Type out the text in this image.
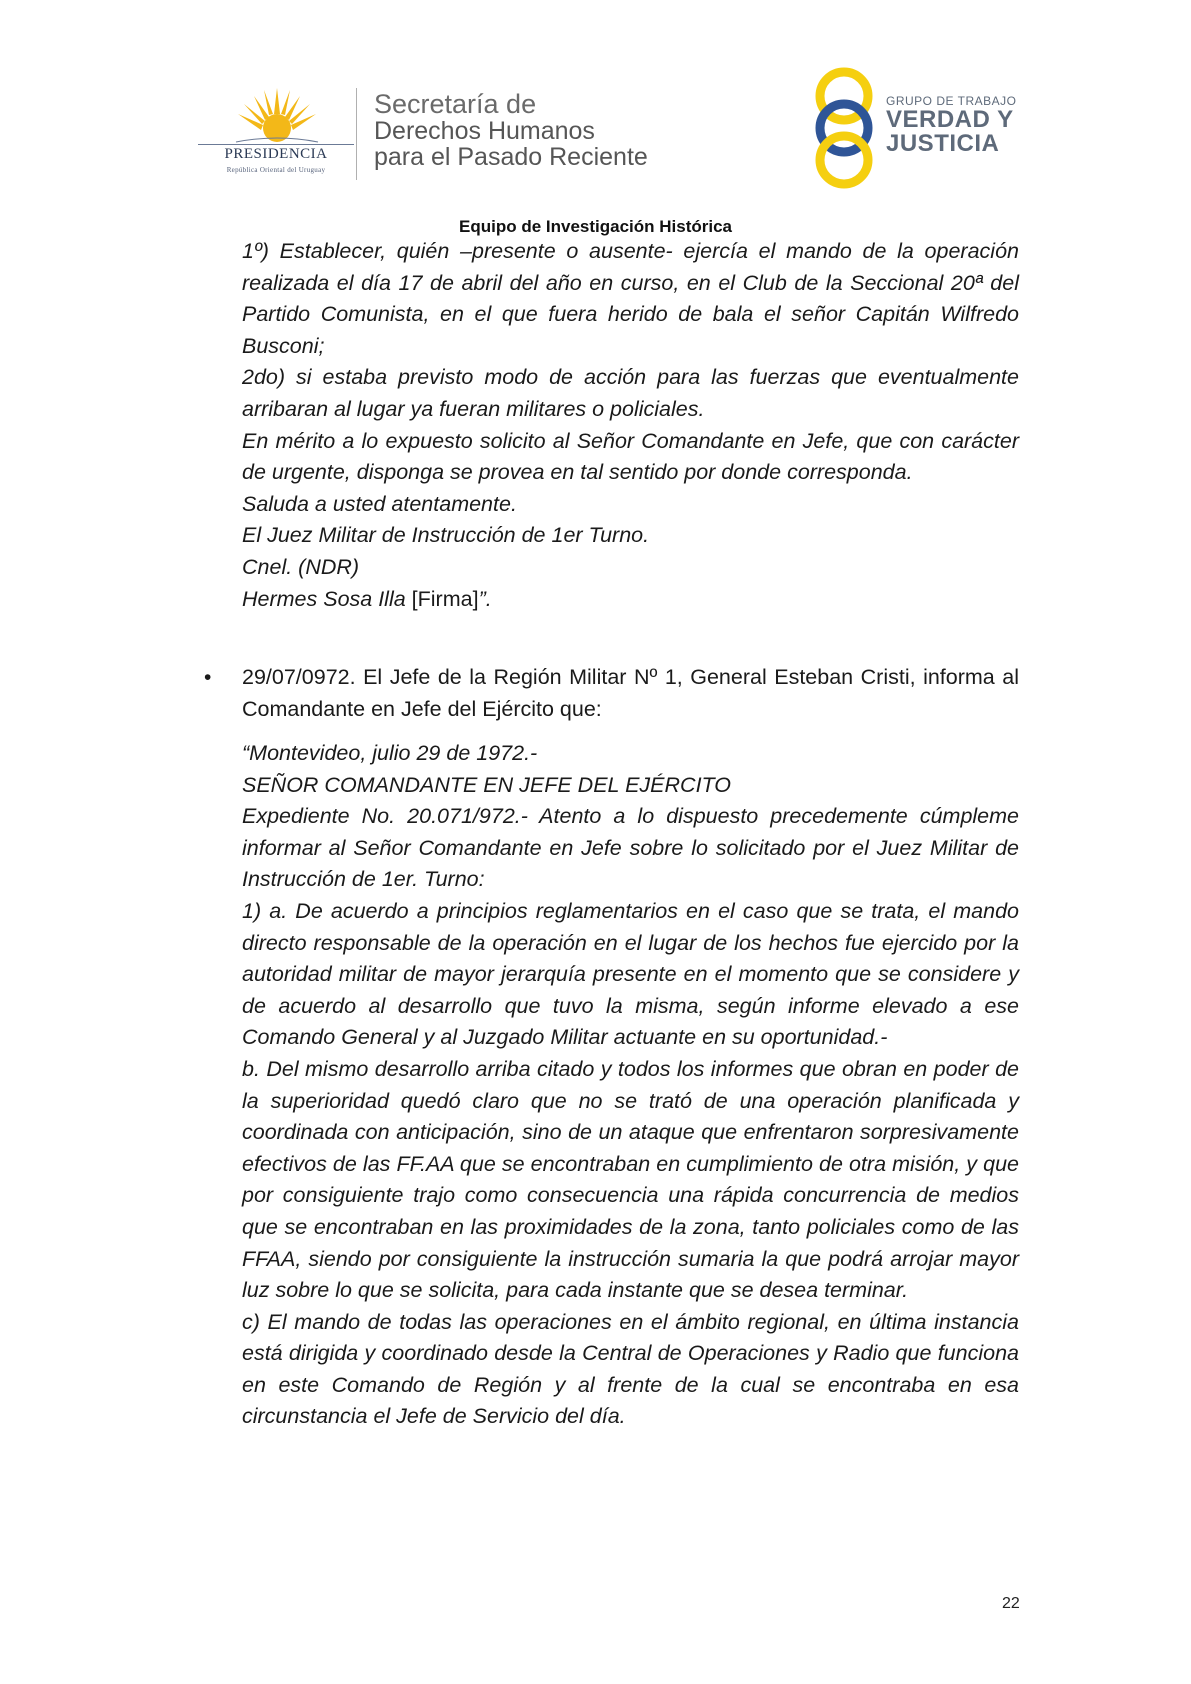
PRESIDENCIA
República Oriental del Uruguay
Secretaría de
Derechos Humanos
para el Pasado Reciente
GRUPO DE TRABAJO
VERDAD Y
JUSTICIA
Equipo de Investigación Histórica
1º) Establecer, quién –presente o ausente- ejercía el mando de la operación realizada el día 17 de abril del año en curso, en el Club de la Seccional 20ª del Partido Comunista, en el que fuera herido de bala el señor Capitán Wilfredo Busconi;
2do) si estaba previsto modo de acción para las fuerzas que eventualmente arribaran al lugar ya fueran militares o policiales.
En mérito a lo expuesto solicito al Señor Comandante en Jefe, que con carácter de urgente, disponga se provea en tal sentido por donde corresponda.
Saluda a usted atentamente.
El Juez Militar de Instrucción de 1er Turno.
Cnel. (NDR)
Hermes Sosa Illa [Firma]”.
• 29/07/0972. El Jefe de la Región Militar Nº 1, General Esteban Cristi, informa al Comandante en Jefe del Ejército que:
“Montevideo, julio 29 de 1972.-
SEÑOR COMANDANTE EN JEFE DEL EJÉRCITO
Expediente No. 20.071/972.- Atento a lo dispuesto precedemente cúmpleme informar al Señor Comandante en Jefe sobre lo solicitado por el Juez Militar de Instrucción de 1er. Turno:
1) a. De acuerdo a principios reglamentarios en el caso que se trata, el mando directo responsable de la operación en el lugar de los hechos fue ejercido por la autoridad militar de mayor jerarquía presente en el momento que se considere y de acuerdo al desarrollo que tuvo la misma, según informe elevado a ese Comando General y al Juzgado Militar actuante en su oportunidad.-
b. Del mismo desarrollo arriba citado y todos los informes que obran en poder de la superioridad quedó claro que no se trató de una operación planificada y coordinada con anticipación, sino de un ataque que enfrentaron sorpresivamente efectivos de las FF.AA que se encontraban en cumplimiento de otra misión, y que por consiguiente trajo como consecuencia una rápida concurrencia de medios que se encontraban en las proximidades de la zona, tanto policiales como de las FFAA, siendo por consiguiente la instrucción sumaria la que podrá arrojar mayor luz sobre lo que se solicita, para cada instante que se desea terminar.
c) El mando de todas las operaciones en el ámbito regional, en última instancia está dirigida y coordinado desde la Central de Operaciones y Radio que funciona en este Comando de Región y al frente de la cual se encontraba en esa circunstancia el Jefe de Servicio del día.
22
